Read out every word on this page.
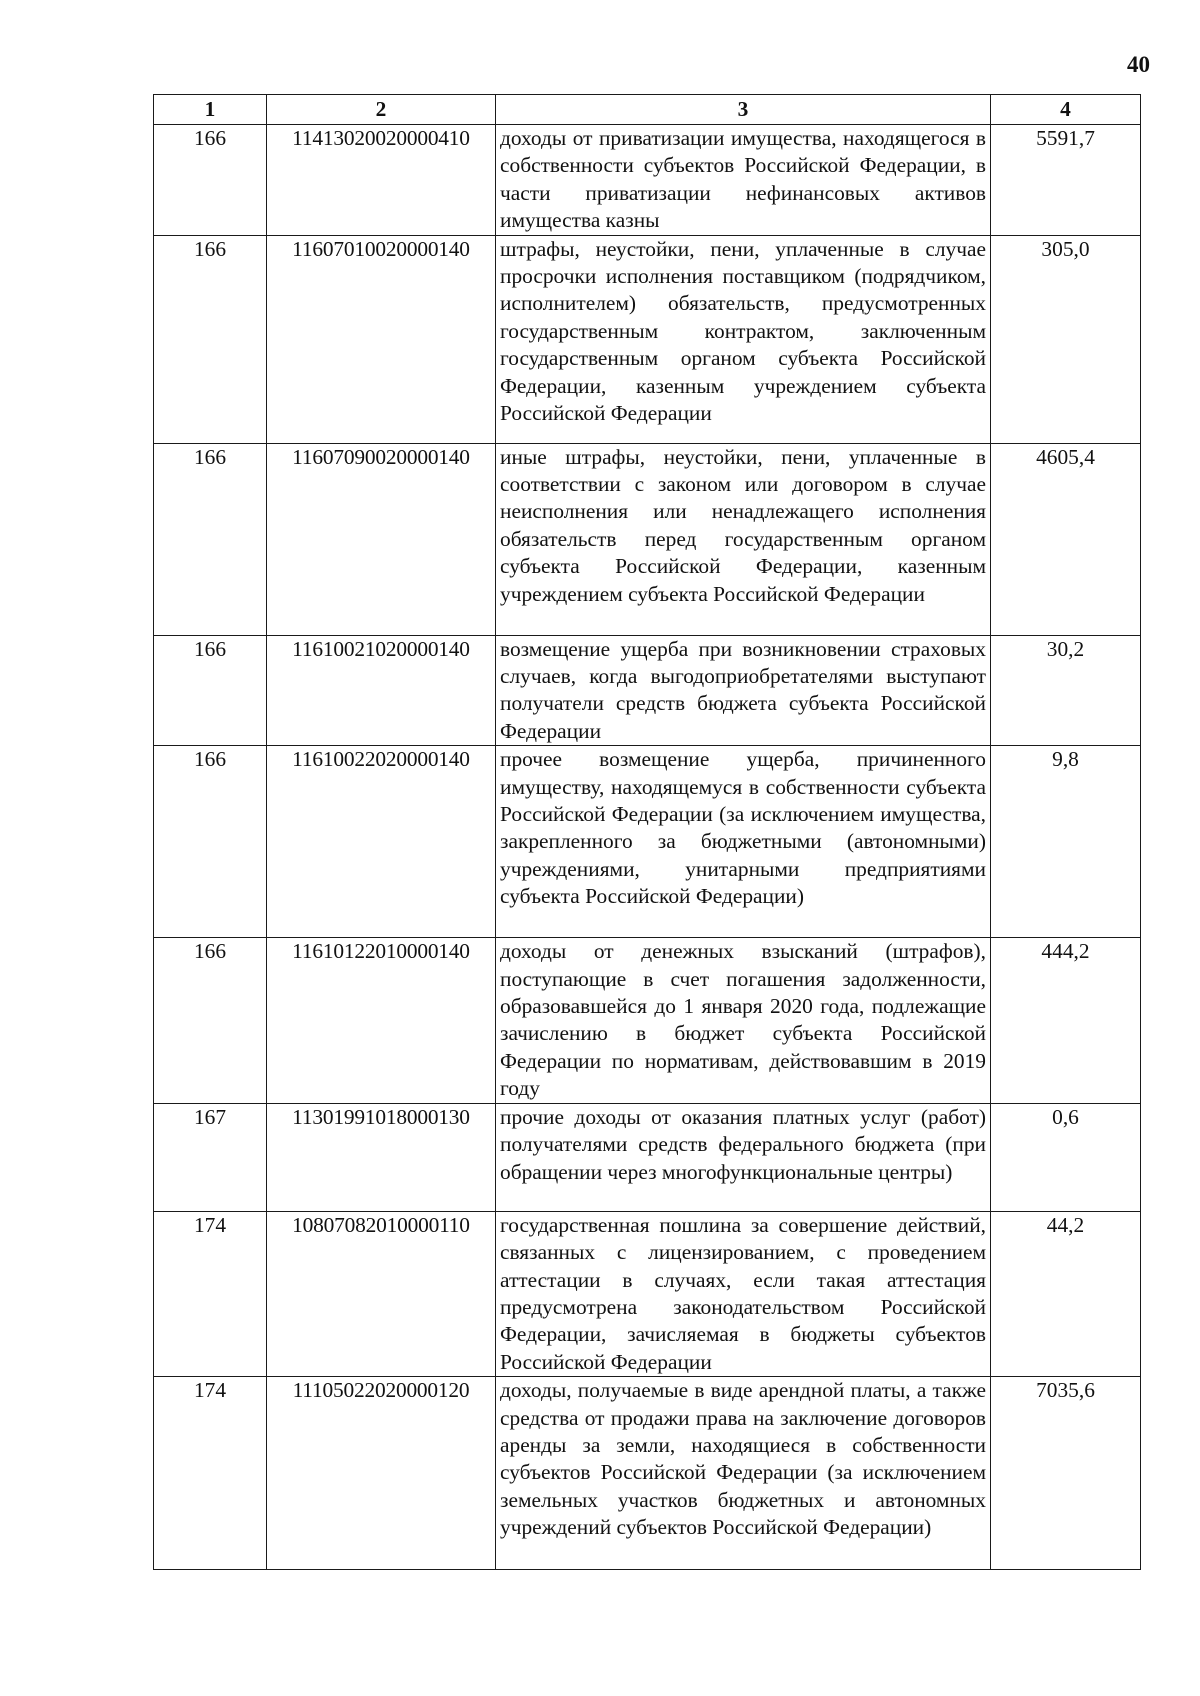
40
1	2	3	4
166	11413020020000410	доходы от приватизации имущества, находящегося в собственности субъектов Российской Федерации, в части приватизации нефинансовых активов имущества казны	5591,7
166	11607010020000140	штрафы, неустойки, пени, уплаченные в случае просрочки исполнения поставщиком (подрядчиком, исполнителем) обязательств, предусмотренных государственным контрактом, заключенным государственным органом субъекта Российской Федерации, казенным учреждением субъекта Российской Федерации	305,0
166	11607090020000140	иные штрафы, неустойки, пени, уплаченные в соответствии с законом или договором в случае неисполнения или ненадлежащего исполнения обязательств перед государственным органом субъекта Российской Федерации, казенным учреждением субъекта Российской Федерации	4605,4
166	11610021020000140	возмещение ущерба при возникновении страховых случаев, когда выгодоприобретателями выступают получатели средств бюджета субъекта Российской Федерации	30,2
166	11610022020000140	прочее возмещение ущерба, причиненного имуществу, находящемуся в собственности субъекта Российской Федерации (за исключением имущества, закрепленного за бюджетными (автономными) учреждениями, унитарными предприятиями субъекта Российской Федерации)	9,8
166	11610122010000140	доходы от денежных взысканий (штрафов), поступающие в счет погашения задолженности, образовавшейся до 1 января 2020 года, подлежащие зачислению в бюджет субъекта Российской Федерации по нормативам, действовавшим в 2019 году	444,2
167	11301991018000130	прочие доходы от оказания платных услуг (работ) получателями средств федерального бюджета (при обращении через многофункциональные центры)	0,6
174	10807082010000110	государственная пошлина за совершение действий, связанных с лицензированием, с проведением аттестации в случаях, если такая аттестация предусмотрена законодательством Российской Федерации, зачисляемая в бюджеты субъектов Российской Федерации	44,2
174	11105022020000120	доходы, получаемые в виде арендной платы, а также средства от продажи права на заключение договоров аренды за земли, находящиеся в собственности субъектов Российской Федерации (за исключением земельных участков бюджетных и автономных учреждений субъектов Российской Федерации)	7035,6
